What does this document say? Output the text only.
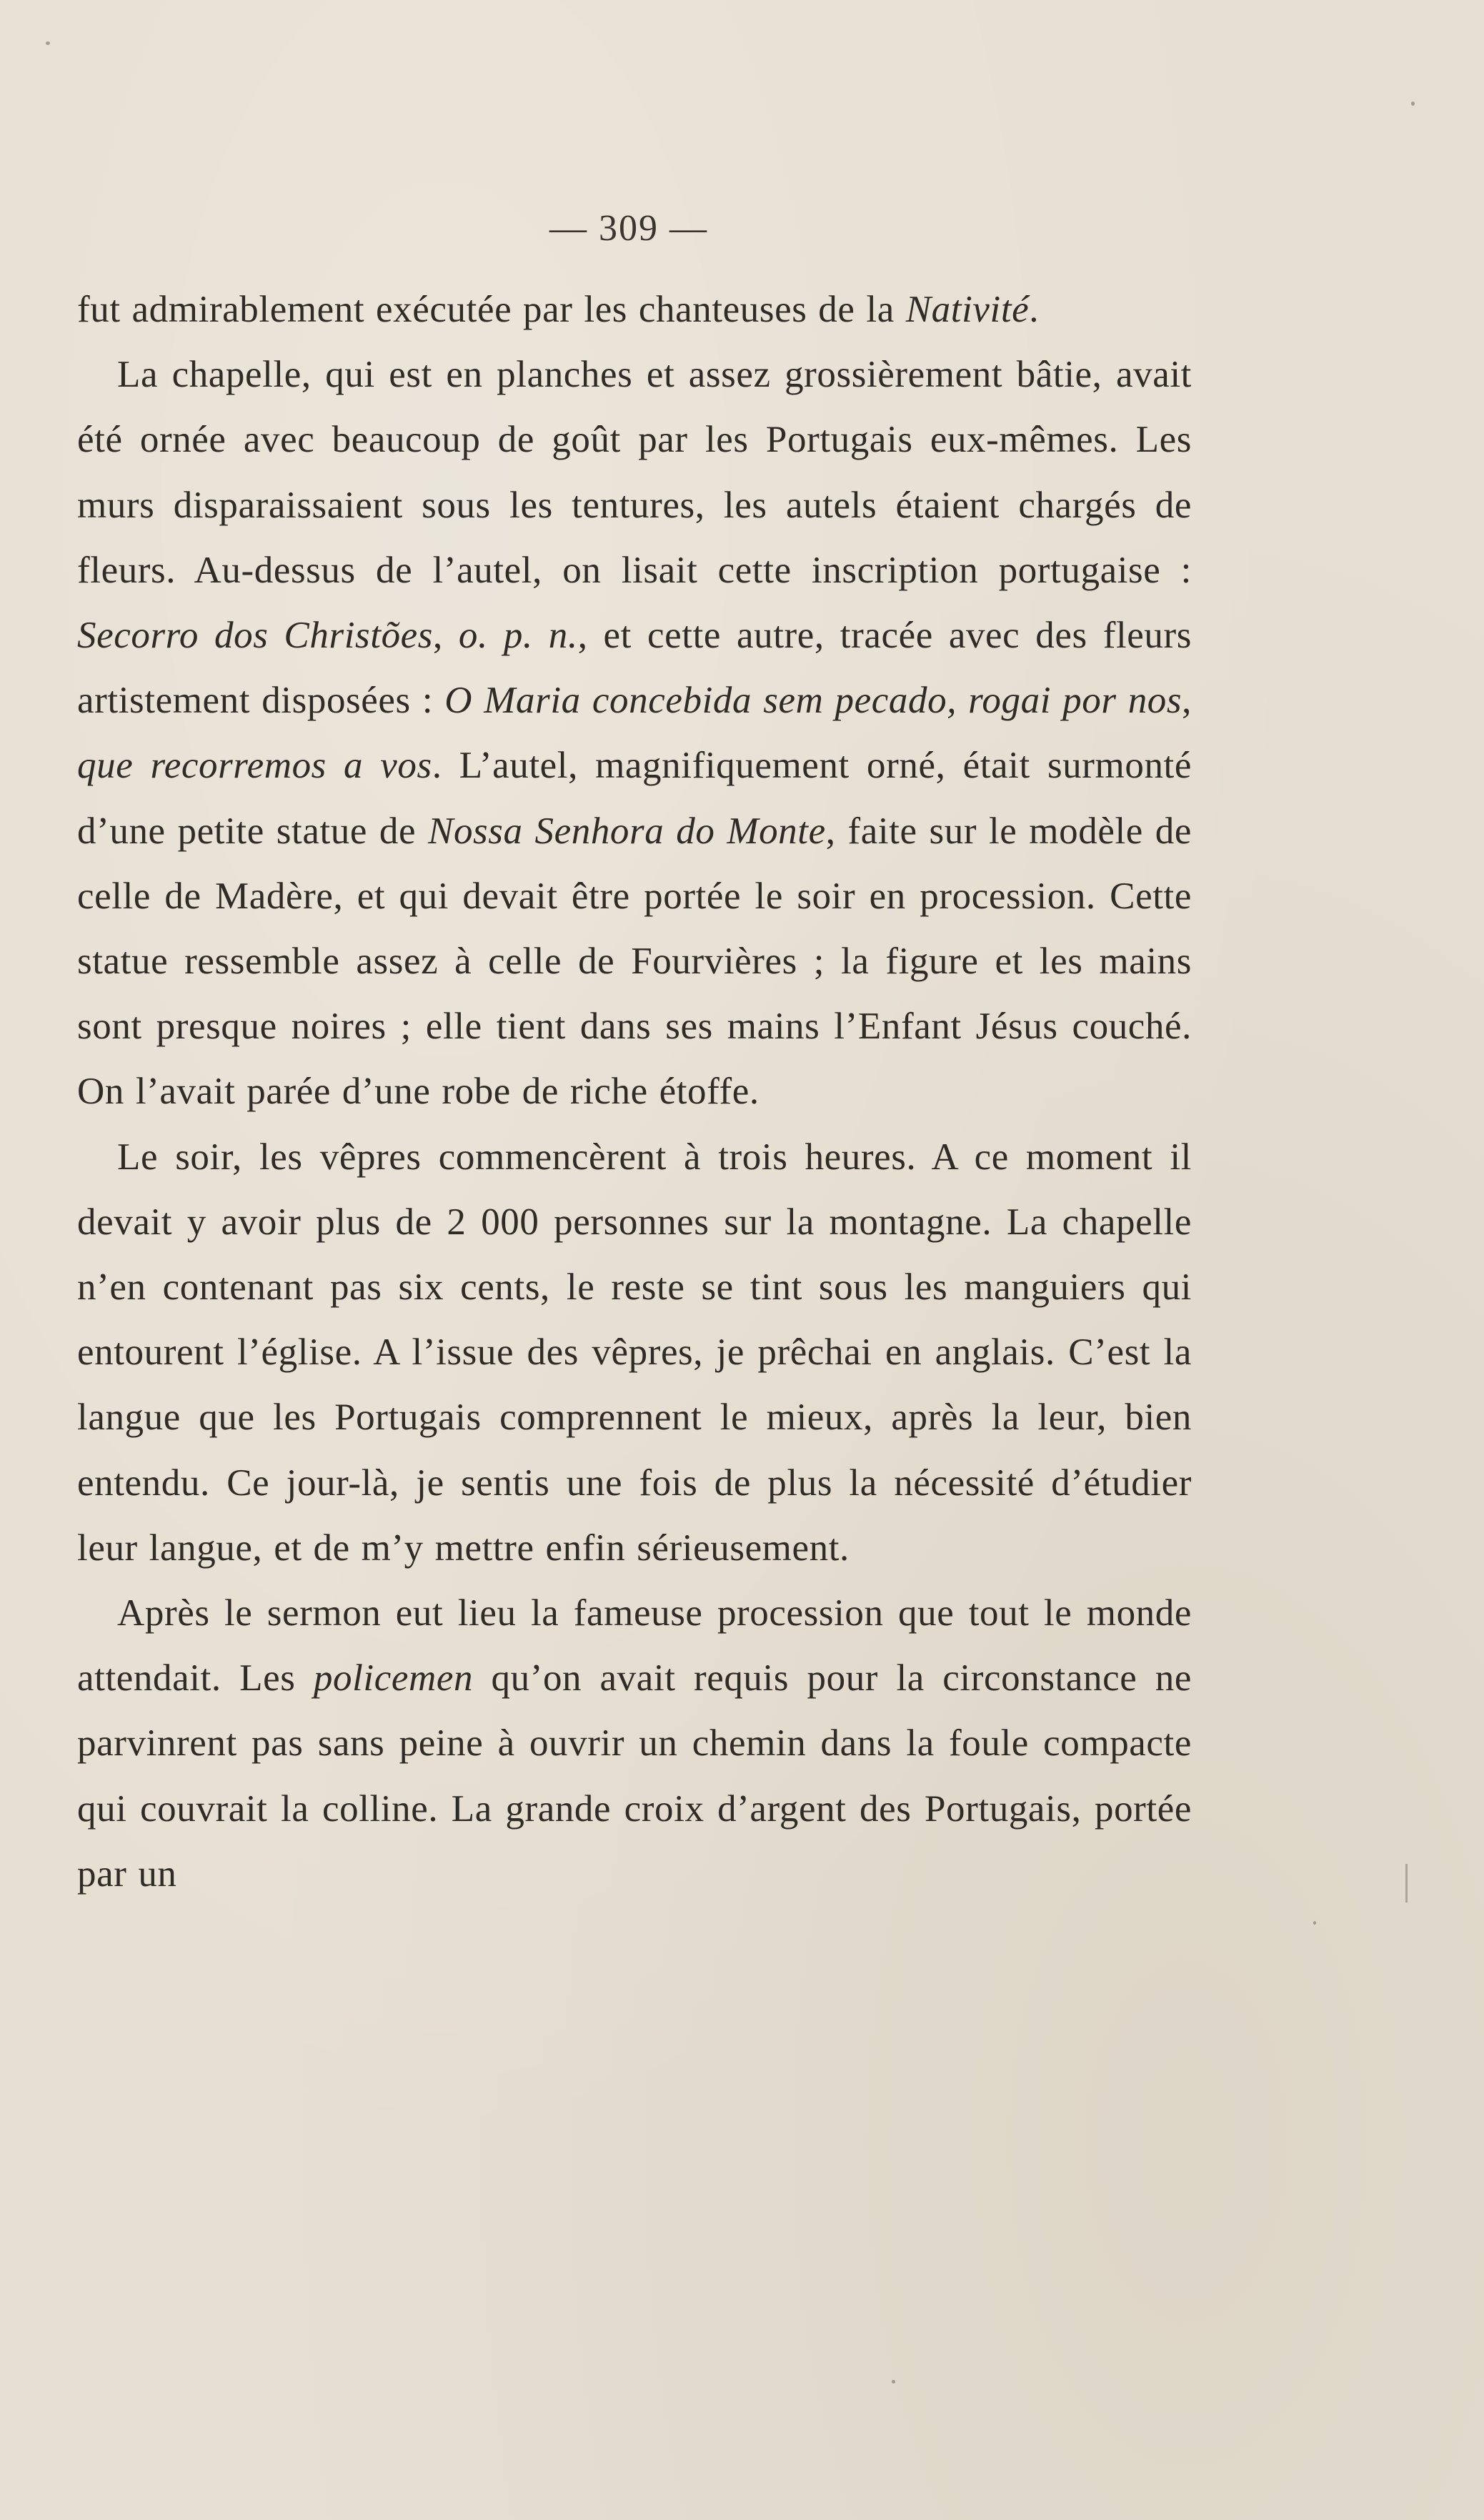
— 309 —

fut admirablement exécutée par les chanteuses de la Nativité.

La chapelle, qui est en planches et assez grossièrement bâtie, avait été ornée avec beaucoup de goût par les Portugais eux-mêmes. Les murs disparaissaient sous les tentures, les autels étaient chargés de fleurs. Au-dessus de l’autel, on lisait cette inscription portugaise : Secorro dos Christões, o. p. n., et cette autre, tracée avec des fleurs artistement disposées : O Maria concebida sem pecado, rogai por nos, que recorremos a vos. L’autel, magnifiquement orné, était surmonté d’une petite statue de Nossa Senhora do Monte, faite sur le modèle de celle de Madère, et qui devait être portée le soir en procession. Cette statue ressemble assez à celle de Fourvières ; la figure et les mains sont presque noires ; elle tient dans ses mains l’Enfant Jésus couché. On l’avait parée d’une robe de riche étoffe.

Le soir, les vêpres commencèrent à trois heures. A ce moment il devait y avoir plus de 2 000 personnes sur la montagne. La chapelle n’en contenant pas six cents, le reste se tint sous les manguiers qui entourent l’église. A l’issue des vêpres, je prêchai en anglais. C’est la langue que les Portugais comprennent le mieux, après la leur, bien entendu. Ce jour-là, je sentis une fois de plus la nécessité d’étudier leur langue, et de m’y mettre enfin sérieusement.

Après le sermon eut lieu la fameuse procession que tout le monde attendait. Les policemen qu’on avait requis pour la circonstance ne parvinrent pas sans peine à ouvrir un chemin dans la foule compacte qui couvrait la colline. La grande croix d’argent des Portugais, portée par un
